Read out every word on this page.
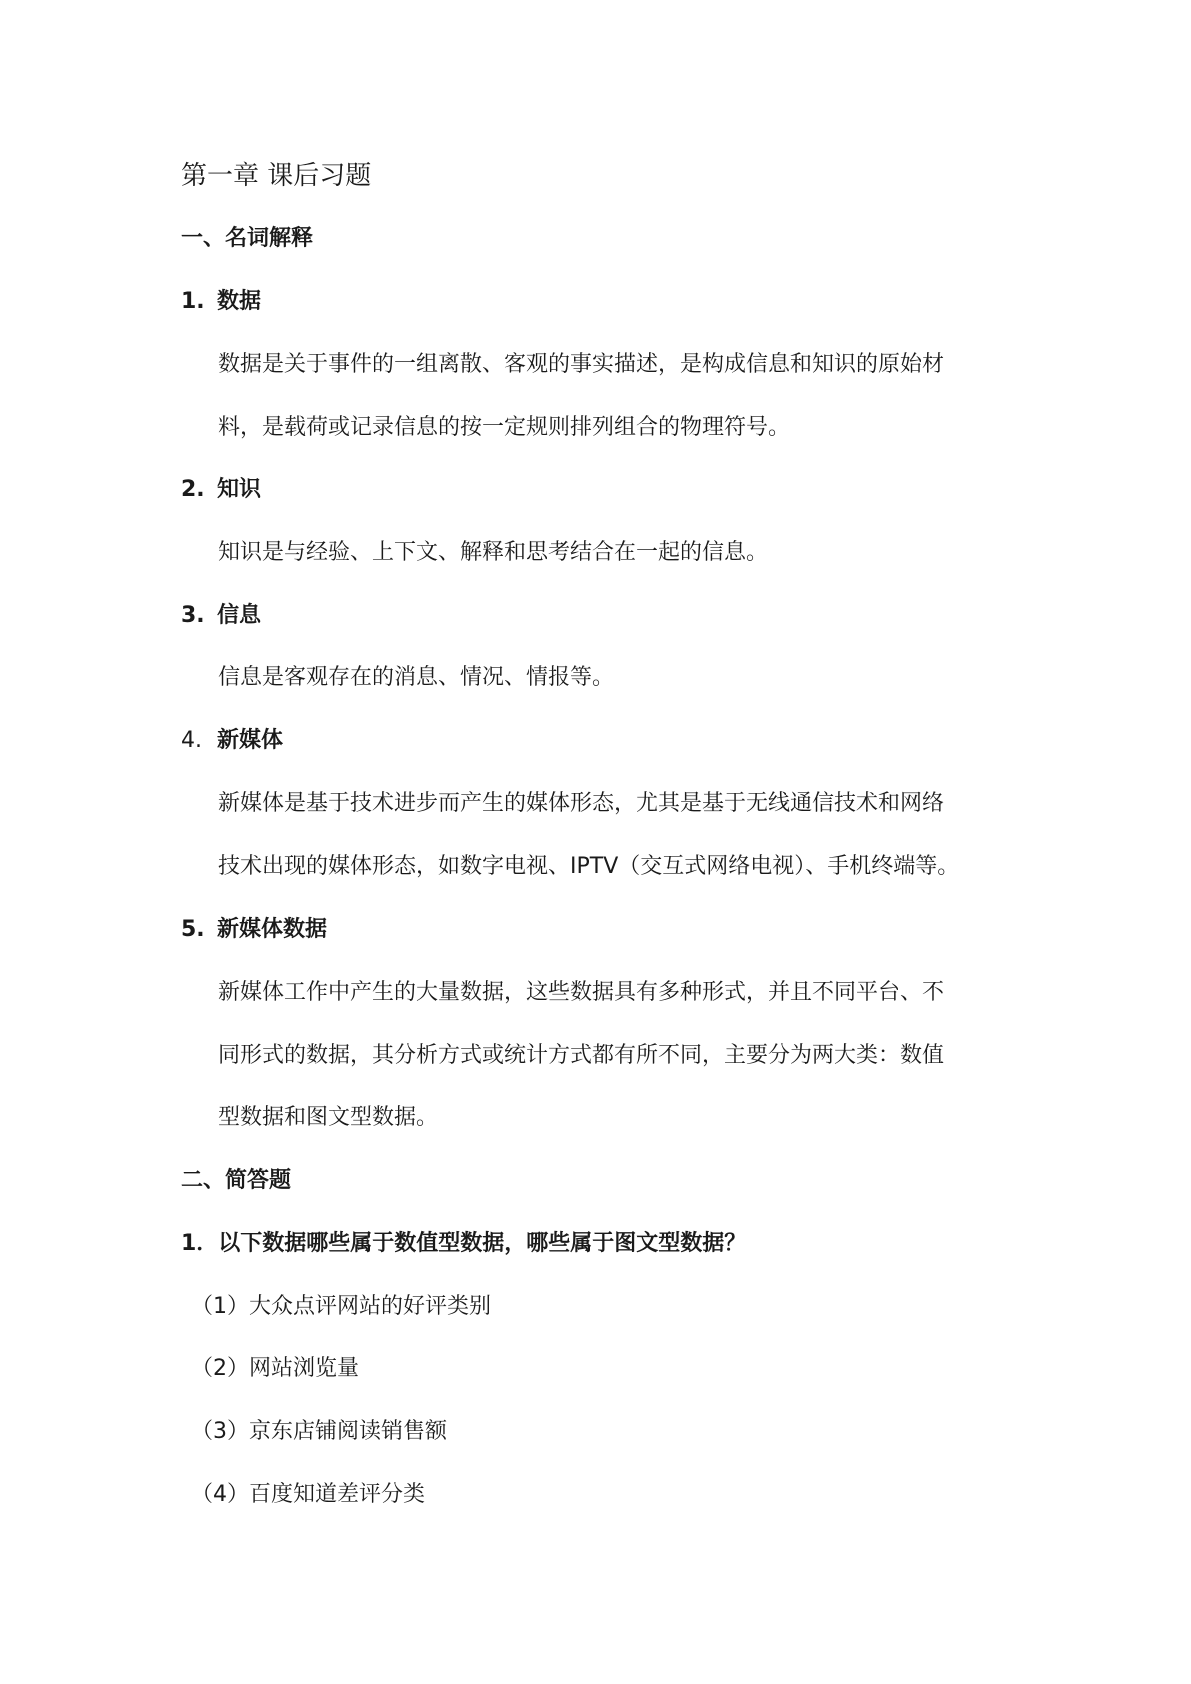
第一章 课后习题
一、名词解释
1. 数据
数据是关于事件的一组离散、客观的事实描述，是构成信息和知识的原始材
料，是载荷或记录信息的按一定规则排列组合的物理符号。
2. 知识
知识是与经验、上下文、解释和思考结合在一起的信息。
3. 信息
信息是客观存在的消息、情况、情报等。
4. 新媒体
新媒体是基于技术进步而产生的媒体形态，尤其是基于无线通信技术和网络
技术出现的媒体形态，如数字电视、IPTV（交互式网络电视）、手机终端等。
5. 新媒体数据
新媒体工作中产生的大量数据，这些数据具有多种形式，并且不同平台、不
同形式的数据，其分析方式或统计方式都有所不同，主要分为两大类：数值
型数据和图文型数据。
二、简答题
1．以下数据哪些属于数值型数据，哪些属于图文型数据？
（1）大众点评网站的好评类别
（2）网站浏览量
（3）京东店铺阅读销售额
（4）百度知道差评分类
